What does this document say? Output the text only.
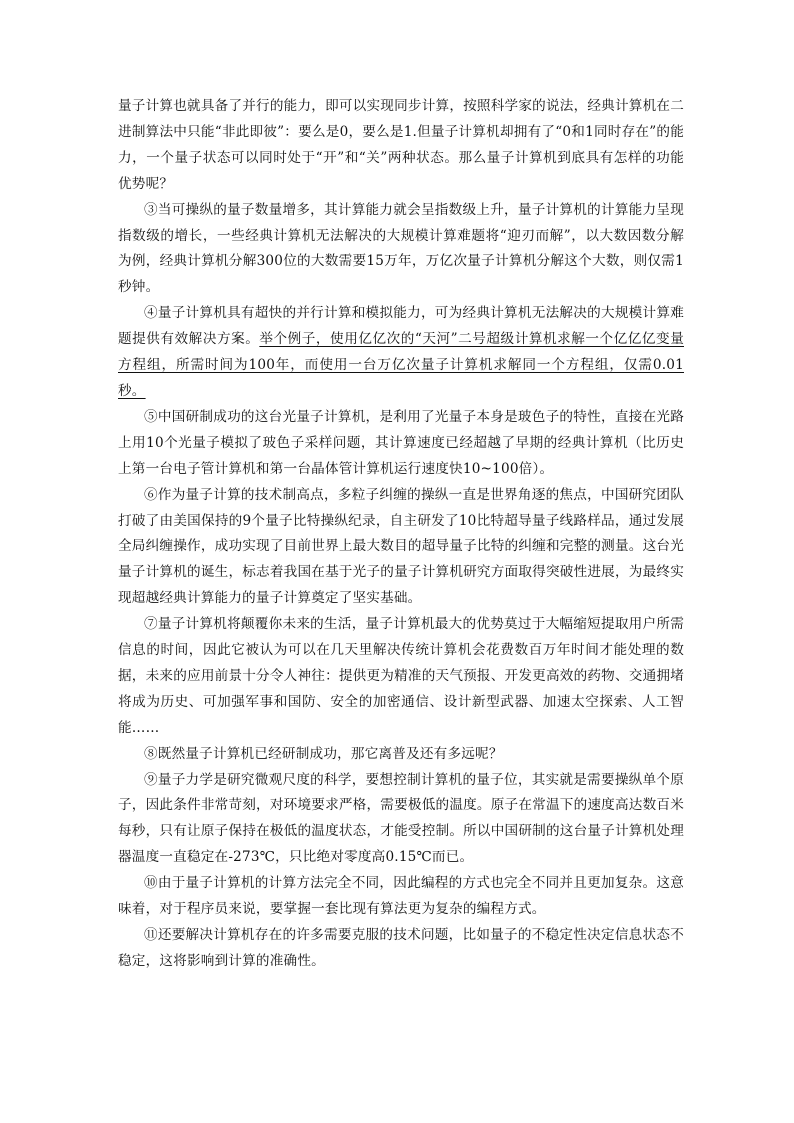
量子计算也就具备了并行的能力，即可以实现同步计算，按照科学家的说法，经典计算机在二进制算法中只能“非此即彼”：要么是0，要么是1.但量子计算机却拥有了“0和1同时存在”的能力，一个量子状态可以同时处于“开”和“关”两种状态。那么量子计算机到底具有怎样的功能优势呢？

③当可操纵的量子数量增多，其计算能力就会呈指数级上升，量子计算机的计算能力呈现指数级的增长，一些经典计算机无法解决的大规模计算难题将“迎刃而解”，以大数因数分解为例，经典计算机分解300位的大数需要15万年，万亿次量子计算机分解这个大数，则仅需1秒钟。

④量子计算机具有超快的并行计算和模拟能力，可为经典计算机无法解决的大规模计算难题提供有效解决方案。举个例子，使用亿亿次的“天河”二号超级计算机求解一个亿亿亿变量方程组，所需时间为100年，而使用一台万亿次量子计算机求解同一个方程组，仅需0.01秒。

⑤中国研制成功的这台光量子计算机，是利用了光量子本身是玻色子的特性，直接在光路上用10个光量子模拟了玻色子采样问题，其计算速度已经超越了早期的经典计算机（比历史上第一台电子管计算机和第一台晶体管计算机运行速度快10~100倍）。

⑥作为量子计算的技术制高点，多粒子纠缠的操纵一直是世界角逐的焦点，中国研究团队打破了由美国保持的9个量子比特操纵纪录，自主研发了10比特超导量子线路样品，通过发展全局纠缠操作，成功实现了目前世界上最大数目的超导量子比特的纠缠和完整的测量。这台光量子计算机的诞生，标志着我国在基于光子的量子计算机研究方面取得突破性进展，为最终实现超越经典计算能力的量子计算奠定了坚实基础。

⑦量子计算机将颠覆你未来的生活，量子计算机最大的优势莫过于大幅缩短提取用户所需信息的时间，因此它被认为可以在几天里解决传统计算机会花费数百万年时间才能处理的数据，未来的应用前景十分令人神往：提供更为精准的天气预报、开发更高效的药物、交通拥堵将成为历史、可加强军事和国防、安全的加密通信、设计新型武器、加速太空探索、人工智能……

⑧既然量子计算机已经研制成功，那它离普及还有多远呢？

⑨量子力学是研究微观尺度的科学，要想控制计算机的量子位，其实就是需要操纵单个原子，因此条件非常苛刻，对环境要求严格，需要极低的温度。原子在常温下的速度高达数百米每秒，只有让原子保持在极低的温度状态，才能受控制。所以中国研制的这台量子计算机处理器温度一直稳定在-273℃，只比绝对零度高0.15℃而已。

⑩由于量子计算机的计算方法完全不同，因此编程的方式也完全不同并且更加复杂。这意味着，对于程序员来说，要掌握一套比现有算法更为复杂的编程方式。

⑪还要解决计算机存在的许多需要克服的技术问题，比如量子的不稳定性决定信息状态不稳定，这将影响到计算的准确性。
